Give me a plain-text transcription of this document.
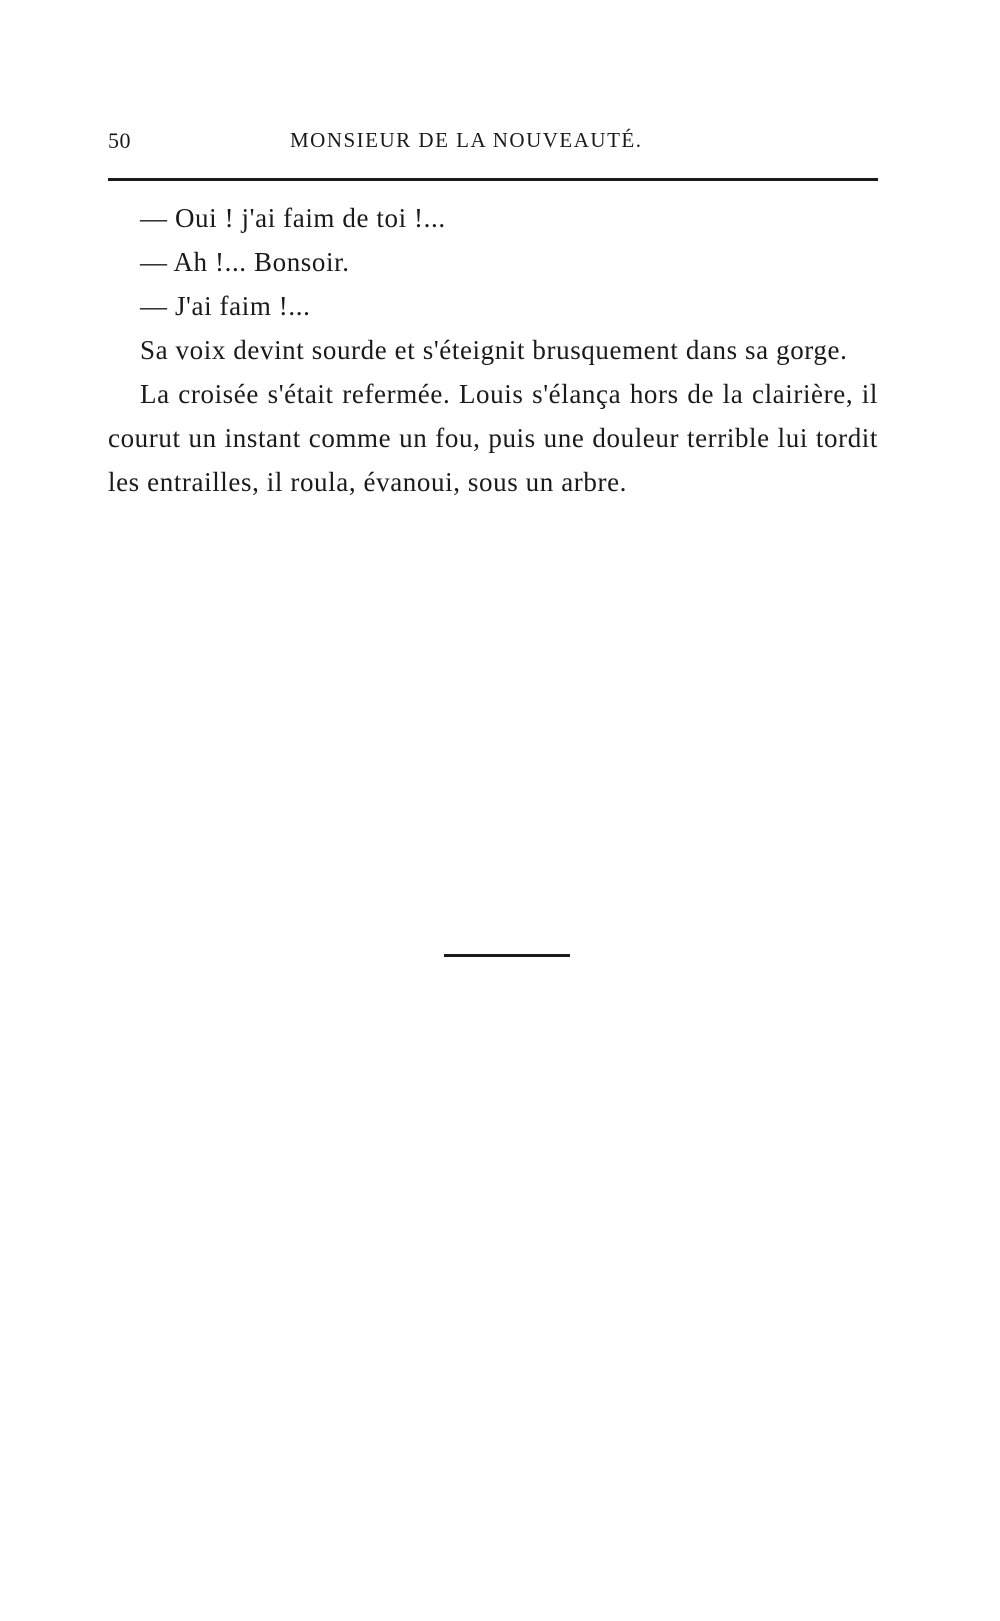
50	MONSIEUR DE LA NOUVEAUTÉ.

— Oui ! j'ai faim de toi !...

— Ah !... Bonsoir.

— J'ai faim !...

Sa voix devint sourde et s'éteignit brusquement dans sa gorge.

La croisée s'était refermée. Louis s'élança hors de la clairière, il courut un instant comme un fou, puis une douleur terrible lui tordit les entrailles, il roula, évanoui, sous un arbre.
